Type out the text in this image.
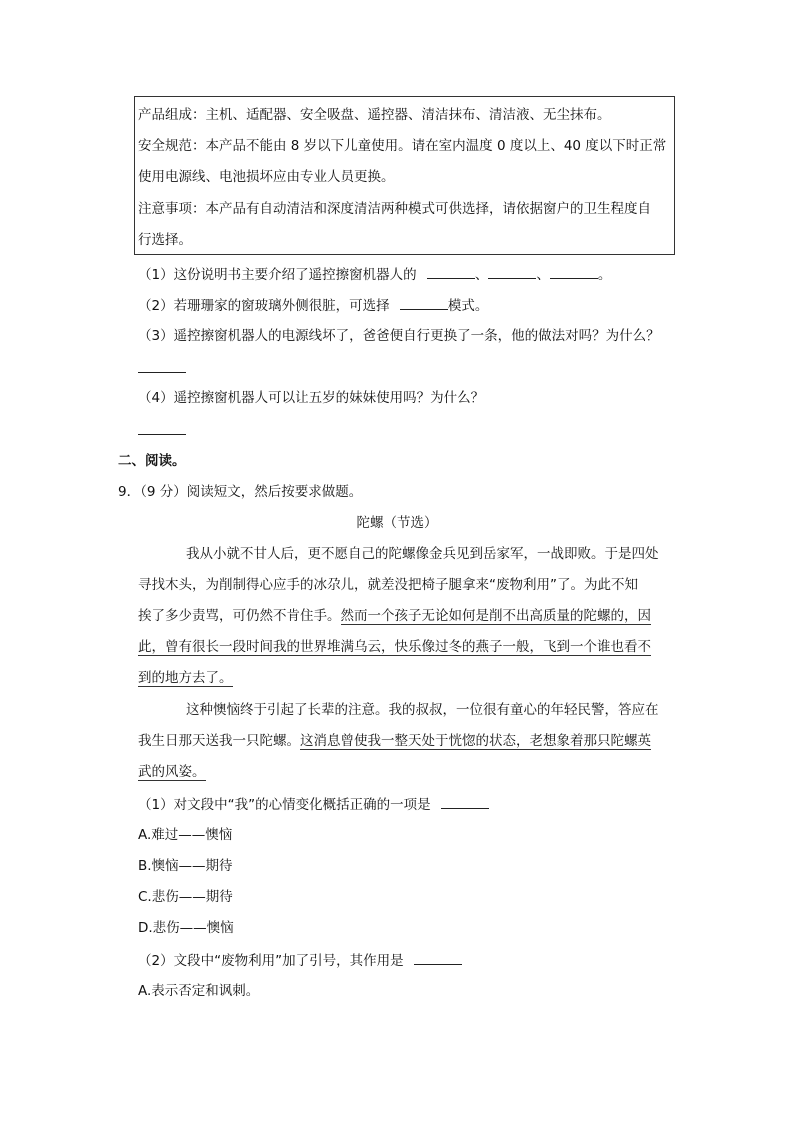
产品组成：主机、适配器、安全吸盘、遥控器、清洁抹布、清洁液、无尘抹布。
安全规范：本产品不能由 8 岁以下儿童使用。请在室内温度 0 度以上、40 度以下时正常
使用电源线、电池损坏应由专业人员更换。
注意事项：本产品有自动清洁和深度清洁两种模式可供选择，请依据窗户的卫生程度自
行选择。
（1）这份说明书主要介绍了遥控擦窗机器人的	、	、	。
（2）若珊珊家的窗玻璃外侧很脏，可选择	模式。
（3）遥控擦窗机器人的电源线坏了，爸爸便自行更换了一条，他的做法对吗？为什么？
（4）遥控擦窗机器人可以让五岁的妹妹使用吗？为什么？
二、阅读。
9．（9 分）阅读短文，然后按要求做题。
陀螺（节选）
我从小就不甘人后，更不愿自己的陀螺像金兵见到岳家军，一战即败。于是四处
寻找木头，为削制得心应手的冰尕儿，就差没把椅子腿拿来“废物利用”了。为此不知
挨了多少责骂，可仍然不肯住手。然而一个孩子无论如何是削不出高质量的陀螺的，因
此，曾有很长一段时间我的世界堆满乌云，快乐像过冬的燕子一般，飞到一个谁也看不
到的地方去了。
这种懊恼终于引起了长辈的注意。我的叔叔，一位很有童心的年轻民警，答应在
我生日那天送我一只陀螺。这消息曾使我一整天处于恍惚的状态，老想象着那只陀螺英
武的风姿。
（1）对文段中“我”的心情变化概括正确的一项是
A.难过——懊恼
B.懊恼——期待
C.悲伤——期待
D.悲伤——懊恼
（2）文段中“废物利用”加了引号，其作用是
A.表示否定和讽刺。
